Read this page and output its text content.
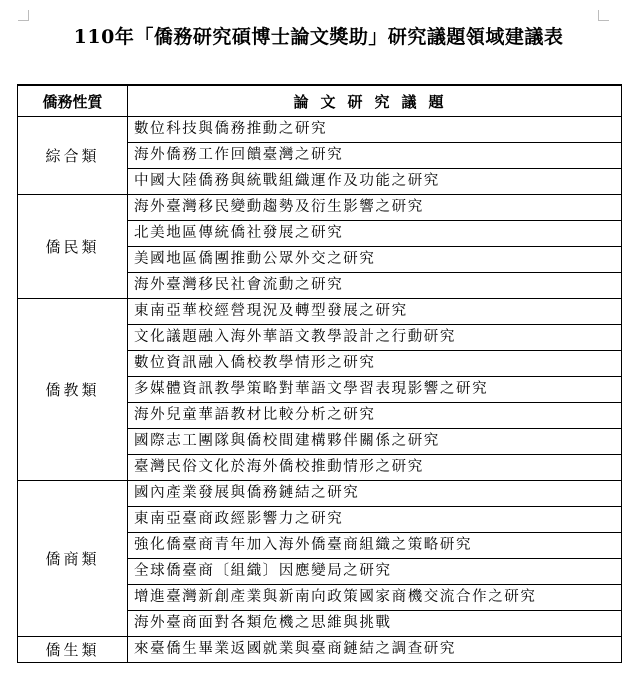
110年「僑務研究碩博士論文獎助」研究議題領域建議表
僑務性質	論文研究議題
綜合類	數位科技與僑務推動之研究
	海外僑務工作回饋臺灣之研究
	中國大陸僑務與統戰組織運作及功能之研究
僑民類	海外臺灣移民變動趨勢及衍生影響之研究
	北美地區傳統僑社發展之研究
	美國地區僑團推動公眾外交之研究
	海外臺灣移民社會流動之研究
僑教類	東南亞華校經營現況及轉型發展之研究
	文化議題融入海外華語文教學設計之行動研究
	數位資訊融入僑校教學情形之研究
	多媒體資訊教學策略對華語文學習表現影響之研究
	海外兒童華語教材比較分析之研究
	國際志工團隊與僑校間建構夥伴關係之研究
	臺灣民俗文化於海外僑校推動情形之研究
僑商類	國內產業發展與僑務鏈結之研究
	東南亞臺商政經影響力之研究
	強化僑臺商青年加入海外僑臺商組織之策略研究
	全球僑臺商〔組織〕因應變局之研究
	增進臺灣新創產業與新南向政策國家商機交流合作之研究
	海外臺商面對各類危機之思維與挑戰
僑生類	來臺僑生畢業返國就業與臺商鏈結之調查研究
